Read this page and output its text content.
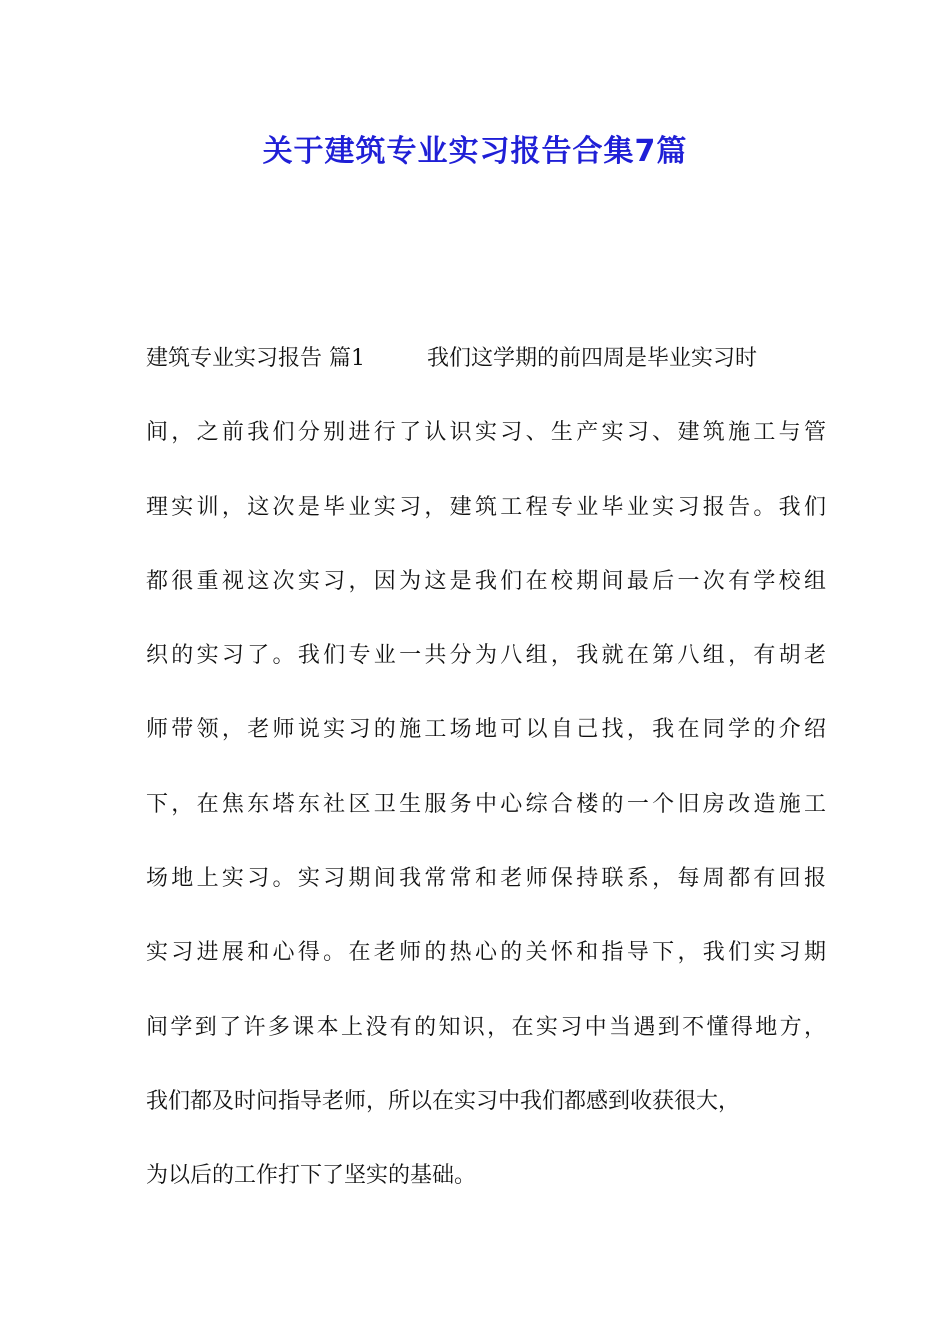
关于建筑专业实习报告合集7篇
建筑专业实习报告 篇1	我们这学期的前四周是毕业实习时
间，之前我们分别进行了认识实习、生产实习、建筑施工与管
理实训，这次是毕业实习，建筑工程专业毕业实习报告。我们
都很重视这次实习，因为这是我们在校期间最后一次有学校组
织的实习了。我们专业一共分为八组，我就在第八组，有胡老
师带领，老师说实习的施工场地可以自己找，我在同学的介绍
下，在焦东塔东社区卫生服务中心综合楼的一个旧房改造施工
场地上实习。实习期间我常常和老师保持联系，每周都有回报
实习进展和心得。在老师的热心的关怀和指导下，我们实习期
间学到了许多课本上没有的知识，在实习中当遇到不懂得地方，
我们都及时问指导老师，所以在实习中我们都感到收获很大，
为以后的工作打下了坚实的基础。
